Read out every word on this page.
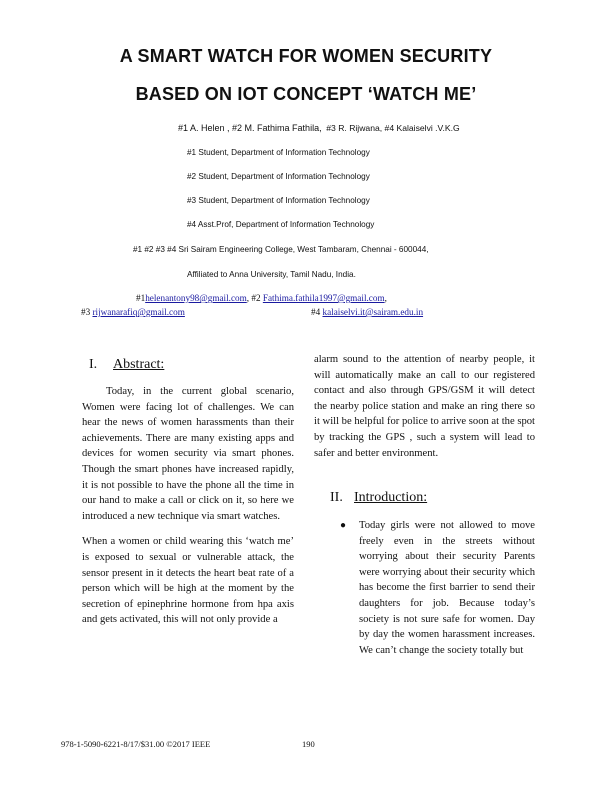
A SMART WATCH FOR WOMEN SECURITY
BASED ON IOT CONCEPT ‘WATCH ME’
#1 A. Helen , #2 M. Fathima Fathila, #3 R. Rijwana, #4 Kalaiselvi .V.K.G
#1 Student, Department of Information Technology
#2 Student, Department of Information Technology
#3 Student, Department of Information Technology
#4 Asst.Prof, Department of Information Technology
#1 #2 #3 #4 Sri Sairam Engineering College, West Tambaram, Chennai - 600044,
Affiliated to Anna University, Tamil Nadu, India.
#1helenantony98@gmail.com, #2 Fathima.fathila1997@gmail.com,
#3 rijwanarafiq@gmail.com	#4 kalaiselvi.it@sairam.edu.in
I. Abstract:

Today, in the current global scenario, Women were facing lot of challenges. We can hear the news of women harassments than their achievements. There are many existing apps and devices for women security via smart phones. Though the smart phones have increased rapidly, it is not possible to have the phone all the time in our hand to make a call or click on it, so here we introduced a new technique via smart watches.

When a women or child wearing this ‘watch me’ is exposed to sexual or vulnerable attack, the sensor present in it detects the heart beat rate of a person which will be high at the moment by the secretion of epinephrine hormone from hpa axis and gets activated, this will not only provide a

alarm sound to the attention of nearby people, it will automatically make an call to our registered contact and also through GPS/GSM it will detect the nearby police station and make an ring there so it will be helpful for police to arrive soon at the spot by tracking the GPS , such a system will lead to safer and better environment.

II. Introduction:
● Today girls were not allowed to move freely even in the streets without worrying about their security Parents were worrying about their security which has become the first barrier to send their daughters for job. Because today’s society is not sure safe for women. Day by day the women harassment increases. We can’t change the society totally but
978-1-5090-6221-8/17/$31.00 ©2017 IEEE	190
